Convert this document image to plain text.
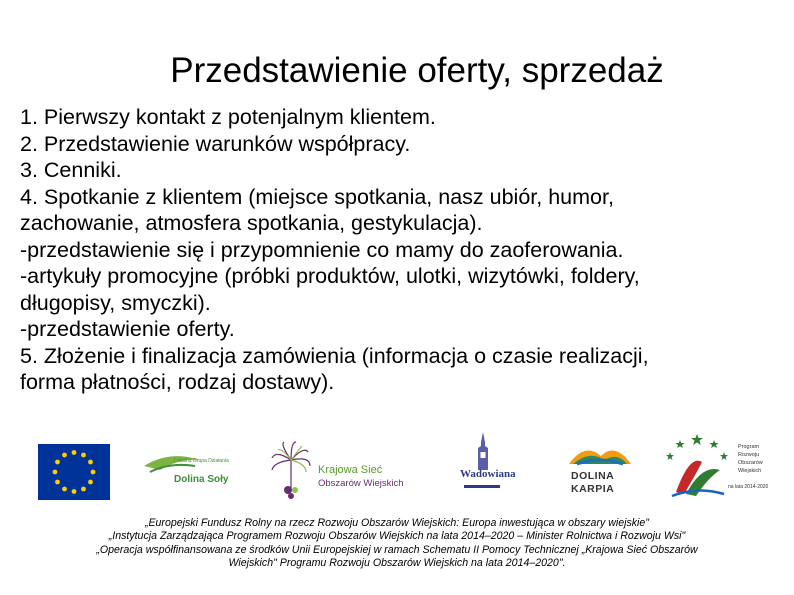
Przedstawienie oferty, sprzedaż
1. Pierwszy kontakt z potenjalnym klientem.
2. Przedstawienie warunków współpracy.
3. Cenniki.
4. Spotkanie z klientem (miejsce spotkania, nasz ubiór, humor,
zachowanie, atmosfera spotkania, gestykulacja).
-przedstawienie się i przypomnienie co mamy do zaoferowania.
-artykuły promocyjne (próbki produktów, ulotki, wizytówki, foldery,
długopisy, smyczki).
-przedstawienie oferty.
5. Złożenie i finalizacja zamówienia (informacja o czasie realizacji,
forma płatności, rodzaj dostawy).
Lokalna Grupa Działania
Dolina Soły
Krajowa Sieć
Obszarów Wiejskich
Wadowiana	DOLINA
KARPIA
Program
Rozwoju
Obszarów
Wiejskich
na lata 2014-2020
„Europejski Fundusz Rolny na rzecz Rozwoju Obszarów Wiejskich: Europa inwestująca w obszary wiejskie"
„Instytucja Zarządzająca Programem Rozwoju Obszarów Wiejskich na lata 2014–2020 – Minister Rolnictwa i Rozwoju Wsi"
„Operacja współfinansowana ze środków Unii Europejskiej w ramach Schematu II Pomocy Technicznej „Krajowa Sieć Obszarów
Wiejskich" Programu Rozwoju Obszarów Wiejskich na lata 2014–2020".
